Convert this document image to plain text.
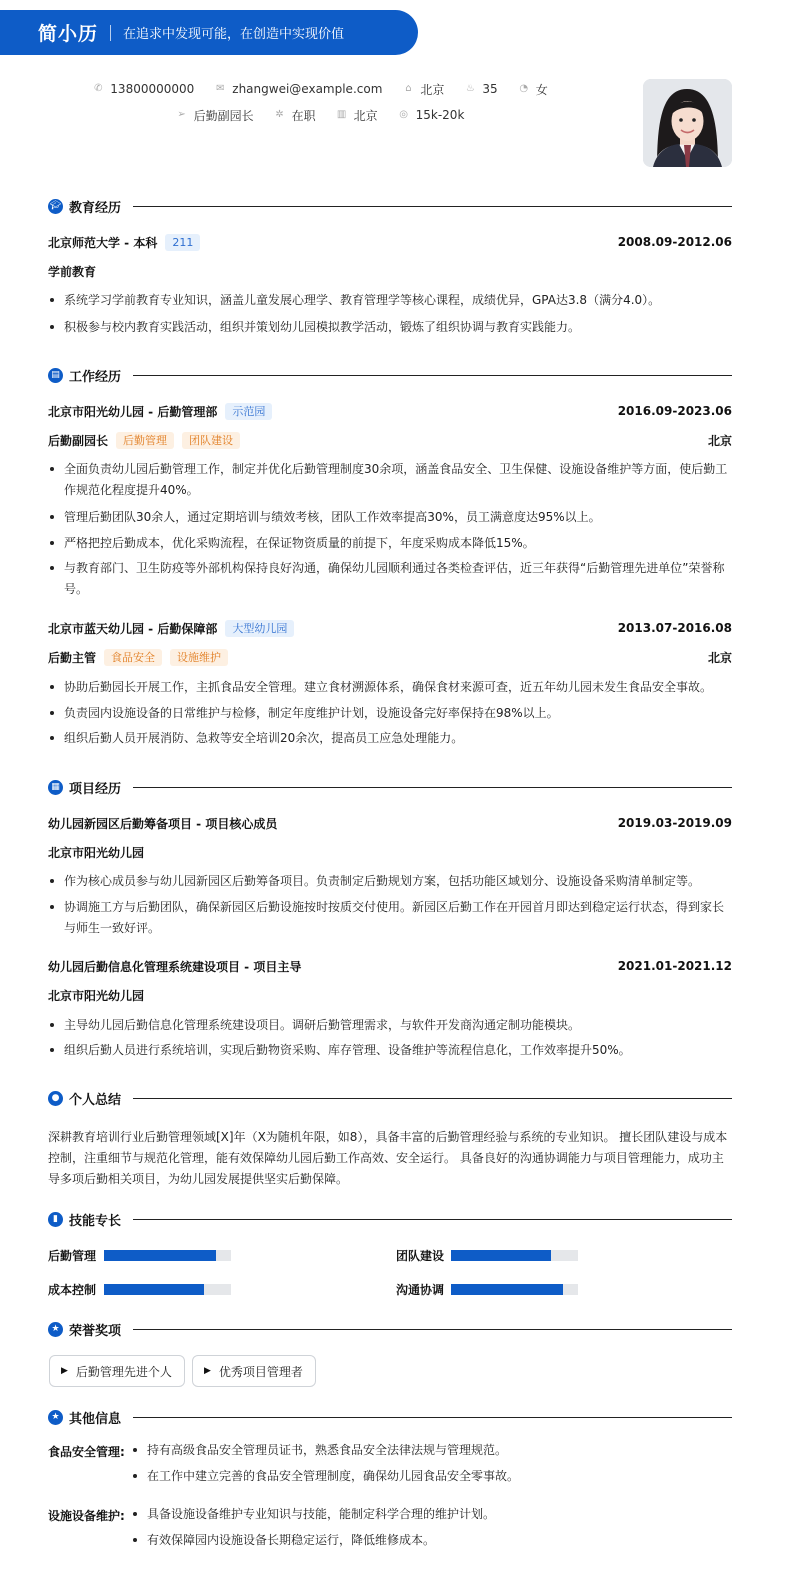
简小历 在追求中发现可能，在创造中实现价值
✆ 13800000000 ✉ zhangwei@example.com ⌂ 北京 ♨ 35 ◔ 女
➢ 后勤副园长 ✲ 在职 ▥ 北京 ◎ 15k-20k
🎓︎ 教育经历
北京师范大学 - 本科	211	2008.09-2012.06
学前教育
系统学习学前教育专业知识，涵盖儿童发展心理学、教育管理学等核心课程，成绩优异，GPA达3.8（满分4.0）。
积极参与校内教育实践活动，组织并策划幼儿园模拟教学活动，锻炼了组织协调与教育实践能力。
▤ 工作经历
北京市阳光幼儿园 - 后勤管理部	示范园	2016.09-2023.06
后勤副园长	后勤管理	团队建设	北京
全面负责幼儿园后勤管理工作，制定并优化后勤管理制度30余项，涵盖食品安全、卫生保健、设施设备维护等方面，使后勤工作规范化程度提升40%。
管理后勤团队30余人，通过定期培训与绩效考核，团队工作效率提高30%，员工满意度达95%以上。
严格把控后勤成本，优化采购流程，在保证物资质量的前提下，年度采购成本降低15%。
与教育部门、卫生防疫等外部机构保持良好沟通，确保幼儿园顺利通过各类检查评估，近三年获得“后勤管理先进单位”荣誉称号。
北京市蓝天幼儿园 - 后勤保障部	大型幼儿园	2013.07-2016.08
后勤主管	食品安全	设施维护	北京
协助后勤园长开展工作，主抓食品安全管理。建立食材溯源体系，确保食材来源可查，近五年幼儿园未发生食品安全事故。
负责园内设施设备的日常维护与检修，制定年度维护计划，设施设备完好率保持在98%以上。
组织后勤人员开展消防、急救等安全培训20余次，提高员工应急处理能力。
▦ 项目经历
幼儿园新园区后勤筹备项目 - 项目核心成员	2019.03-2019.09
北京市阳光幼儿园
作为核心成员参与幼儿园新园区后勤筹备项目。负责制定后勤规划方案，包括功能区域划分、设施设备采购清单制定等。
协调施工方与后勤团队，确保新园区后勤设施按时按质交付使用。新园区后勤工作在开园首月即达到稳定运行状态，得到家长与师生一致好评。
幼儿园后勤信息化管理系统建设项目 - 项目主导	2021.01-2021.12
北京市阳光幼儿园
主导幼儿园后勤信息化管理系统建设项目。调研后勤管理需求，与软件开发商沟通定制功能模块。
组织后勤人员进行系统培训，实现后勤物资采购、库存管理、设备维护等流程信息化，工作效率提升50%。
● 个人总结
深耕教育培训行业后勤管理领域[X]年（X为随机年限，如8），具备丰富的后勤管理经验与系统的专业知识。 擅长团队建设与成本控制，注重细节与规范化管理，能有效保障幼儿园后勤工作高效、安全运行。 具备良好的沟通协调能力与项目管理能力，成功主导多项后勤相关项目，为幼儿园发展提供坚实后勤保障。
▮ 技能专长
后勤管理	团队建设
成本控制	沟通协调
★ 荣誉奖项
▶ 后勤管理先进个人	▶ 优秀项目管理者
★ 其他信息
食品安全管理:	持有高级食品安全管理员证书，熟悉食品安全法律法规与管理规范。
在工作中建立完善的食品安全管理制度，确保幼儿园食品安全零事故。
设施设备维护:	具备设施设备维护专业知识与技能，能制定科学合理的维护计划。
有效保障园内设施设备长期稳定运行，降低维修成本。
